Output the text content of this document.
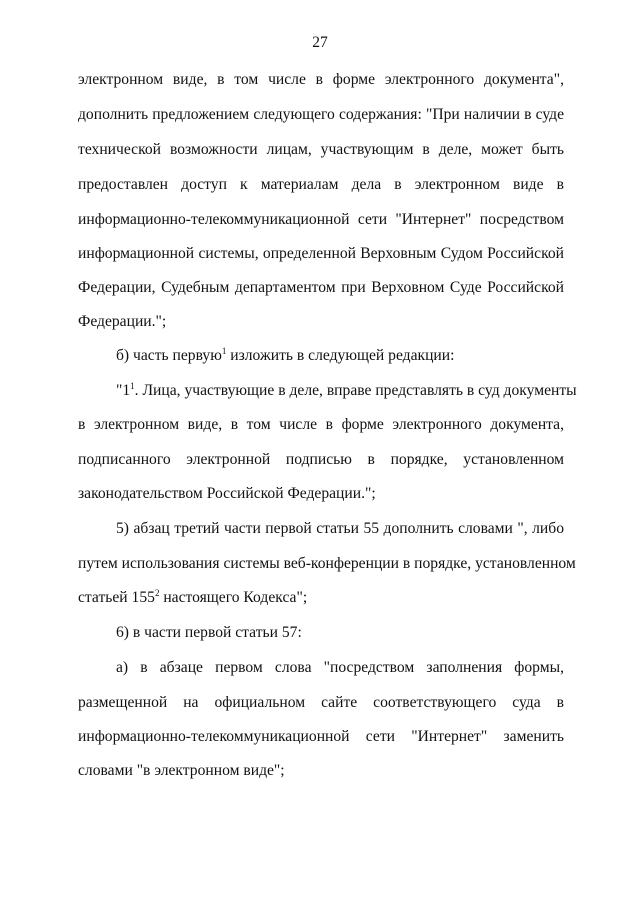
27
электронном виде, в том числе в форме электронного документа",
дополнить предложением следующего содержания: "При наличии в суде
технической возможности лицам, участвующим в деле, может быть
предоставлен доступ к материалам дела в электронном виде в
информационно-телекоммуникационной сети "Интернет" посредством
информационной системы, определенной Верховным Судом Российской
Федерации, Судебным департаментом при Верховном Суде Российской
Федерации.";
б) часть первую$^1$ изложить в следующей редакции:
"$1^1$. Лица, участвующие в деле, вправе представлять в суд документы
в электронном виде, в том числе в форме электронного документа,
подписанного электронной подписью в порядке, установленном
законодательством Российской Федерации.";
5) абзац третий части первой статьи 55 дополнить словами ", либо
путем использования системы веб-конференции в порядке, установленном
статьей $155^2$ настоящего Кодекса";
6) в части первой статьи 57:
а) в абзаце первом слова "посредством заполнения формы,
размещенной на официальном сайте соответствующего суда в
информационно-телекоммуникационной сети "Интернет" заменить
словами "в электронном виде";
